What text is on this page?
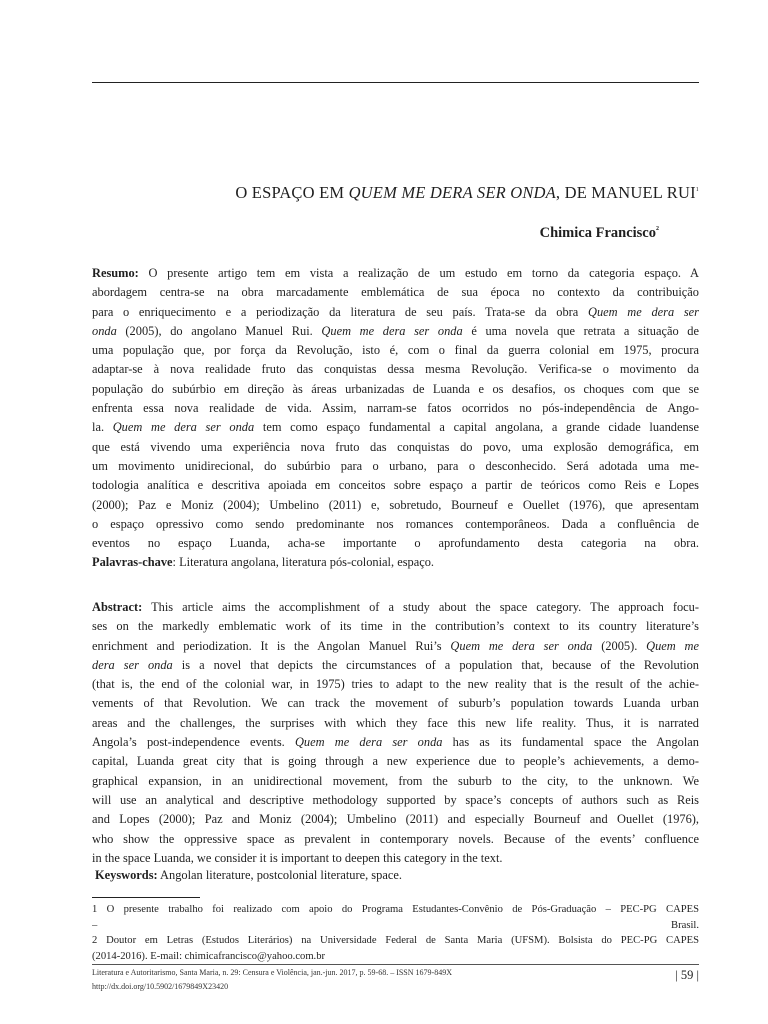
O ESPAÇO EM QUEM ME DERA SER ONDA, DE MANUEL RUI$^1$
Chimica Francisco$^2$
Resumo: O presente artigo tem em vista a realização de um estudo em torno da categoria espaço. A
abordagem centra-se na obra marcadamente emblemática de sua época no contexto da contribuição
para o enriquecimento e a periodização da literatura de seu país. Trata-se da obra Quem me dera ser
onda (2005), do angolano Manuel Rui. Quem me dera ser onda é uma novela que retrata a situação de
uma população que, por força da Revolução, isto é, com o final da guerra colonial em 1975, procura
adaptar-se à nova realidade fruto das conquistas dessa mesma Revolução. Verifica-se o movimento da
população do subúrbio em direção às áreas urbanizadas de Luanda e os desafios, os choques com que se
enfrenta essa nova realidade de vida. Assim, narram-se fatos ocorridos no pós-independência de Ango-
la. Quem me dera ser onda tem como espaço fundamental a capital angolana, a grande cidade luandense
que está vivendo uma experiência nova fruto das conquistas do povo, uma explosão demográfica, em
um movimento unidirecional, do subúrbio para o urbano, para o desconhecido. Será adotada uma me-
todologia analítica e descritiva apoiada em conceitos sobre espaço a partir de teóricos como Reis e Lopes
(2000); Paz e Moniz (2004); Umbelino (2011) e, sobretudo, Bourneuf e Ouellet (1976), que apresentam
o espaço opressivo como sendo predominante nos romances contemporâneos. Dada a confluência de
eventos no espaço Luanda, acha-se importante o aprofundamento desta categoria na obra.
Palavras-chave: Literatura angolana, literatura pós-colonial, espaço.
Abstract: This article aims the accomplishment of a study about the space category. The approach focu-
ses on the markedly emblematic work of its time in the contribution’s context to its country literature’s
enrichment and periodization. It is the Angolan Manuel Rui’s Quem me dera ser onda (2005). Quem me
dera ser onda is a novel that depicts the circumstances of a population that, because of the Revolution
(that is, the end of the colonial war, in 1975) tries to adapt to the new reality that is the result of the achie-
vements of that Revolution. We can track the movement of suburb’s population towards Luanda urban
areas and the challenges, the surprises with which they face this new life reality. Thus, it is narrated
Angola’s post-independence events. Quem me dera ser onda has as its fundamental space the Angolan
capital, Luanda great city that is going through a new experience due to people’s achievements, a demo-
graphical expansion, in an unidirectional movement, from the suburb to the city, to the unknown. We
will use an analytical and descriptive methodology supported by space’s concepts of authors such as Reis
and Lopes (2000); Paz and Moniz (2004); Umbelino (2011) and especially Bourneuf and Ouellet (1976),
who show the oppressive space as prevalent in contemporary novels. Because of the events’ confluence
in the space Luanda, we consider it is important to deepen this category in the text.
Keyswords: Angolan literature, postcolonial literature, space.
1 O presente trabalho foi realizado com apoio do Programa Estudantes-Convênio de Pós-Graduação – PEC-PG CAPES
– Brasil.
2 Doutor em Letras (Estudos Literários) na Universidade Federal de Santa Maria (UFSM). Bolsista do PEC-PG CAPES
(2014-2016). E-mail: chimicafrancisco@yahoo.com.br
Literatura e Autoritarismo, Santa Maria, n. 29: Censura e Violência, jan.-jun. 2017, p. 59-68. – ISSN 1679-849X
http://dx.doi.org/10.5902/1679849X23420
| 59 |
